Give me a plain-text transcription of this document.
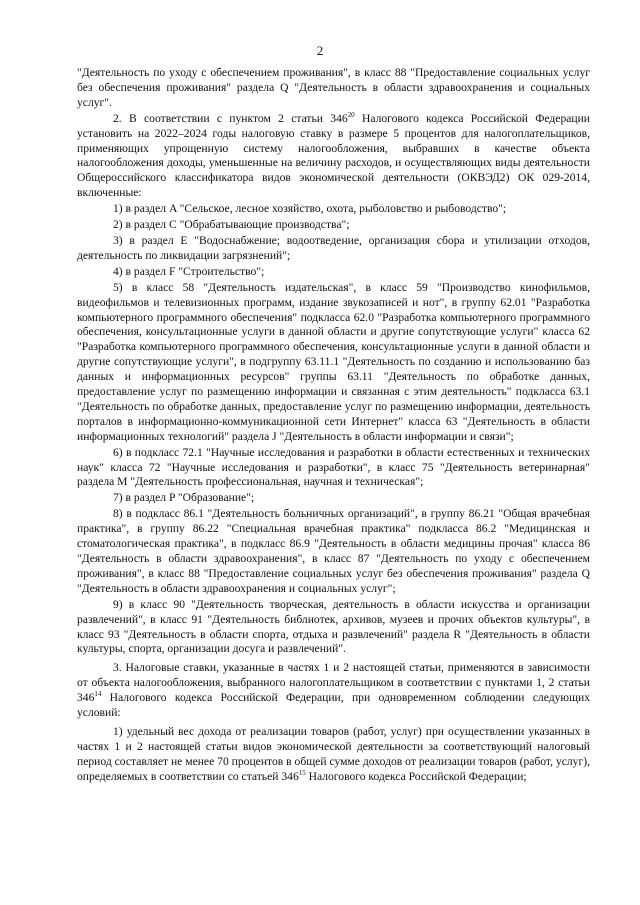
2

"Деятельность по уходу с обеспечением проживания", в класс 88 "Предоставление социальных услуг без обеспечения проживания" раздела Q "Деятельность в области здравоохранения и социальных услуг".

2. В соответствии с пунктом 2 статьи $346^{20}$ Налогового кодекса Российской Федерации установить на 2022–2024 годы налоговую ставку в размере 5 процентов для налогоплательщиков, применяющих упрощенную систему налогообложения, выбравших в качестве объекта налогообложения доходы, уменьшенные на величину расходов, и осуществляющих виды деятельности Общероссийского классификатора видов экономической деятельности (ОКВЭД2) ОК 029-2014, включенные:

1) в раздел A "Сельское, лесное хозяйство, охота, рыболовство и рыбоводство";

2) в раздел C "Обрабатывающие производства";

3) в раздел E "Водоснабжение; водоотведение, организация сбора и утилизации отходов, деятельность по ликвидации загрязнений";

4) в раздел F "Строительство";

5) в класс 58 "Деятельность издательская", в класс 59 "Производство кинофильмов, видеофильмов и телевизионных программ, издание звукозаписей и нот", в группу 62.01 "Разработка компьютерного программного обеспечения" подкласса 62.0 "Разработка компьютерного программного обеспечения, консультационные услуги в данной области и другие сопутствующие услуги" класса 62 "Разработка компьютерного программного обеспечения, консультационные услуги в данной области и другие сопутствующие услуги", в подгруппу 63.11.1 "Деятельность по созданию и использованию баз данных и информационных ресурсов" группы 63.11 "Деятельность по обработке данных, предоставление услуг по размещению информации и связанная с этим деятельность" подкласса 63.1 "Деятельность по обработке данных, предоставление услуг по размещению информации, деятельность порталов в информационно-коммуникационной сети Интернет" класса 63 "Деятельность в области информационных технологий" раздела J "Деятельность в области информации и связи";

6) в подкласс 72.1 "Научные исследования и разработки в области естественных и технических наук" класса 72 "Научные исследования и разработки", в класс 75 "Деятельность ветеринарная" раздела M "Деятельность профессиональная, научная и техническая";

7) в раздел P "Образование";

8) в подкласс 86.1 "Деятельность больничных организаций", в группу 86.21 "Общая врачебная практика", в группу 86.22 "Специальная врачебная практика" подкласса 86.2 "Медицинская и стоматологическая практика", в подкласс 86.9 "Деятельность в области медицины прочая" класса 86 "Деятельность в области здравоохранения", в класс 87 "Деятельность по уходу с обеспечением проживания", в класс 88 "Предоставление социальных услуг без обеспечения проживания" раздела Q "Деятельность в области здравоохранения и социальных услуг";

9) в класс 90 "Деятельность творческая, деятельность в области искусства и организации развлечений", в класс 91 "Деятельность библиотек, архивов, музеев и прочих объектов культуры", в класс 93 "Деятельность в области спорта, отдыха и развлечений" раздела R "Деятельность в области культуры, спорта, организации досуга и развлечений".

3. Налоговые ставки, указанные в частях 1 и 2 настоящей статьи, применяются в зависимости от объекта налогообложения, выбранного налогоплательщиком в соответствии с пунктами 1, 2 статьи $346^{14}$ Налогового кодекса Российской Федерации, при одновременном соблюдении следующих условий:

1) удельный вес дохода от реализации товаров (работ, услуг) при осуществлении указанных в частях 1 и 2 настоящей статьи видов экономической деятельности за соответствующий налоговый период составляет не менее 70 процентов в общей сумме доходов от реализации товаров (работ, услуг), определяемых в соответствии со статьей $346^{15}$ Налогового кодекса Российской Федерации;
